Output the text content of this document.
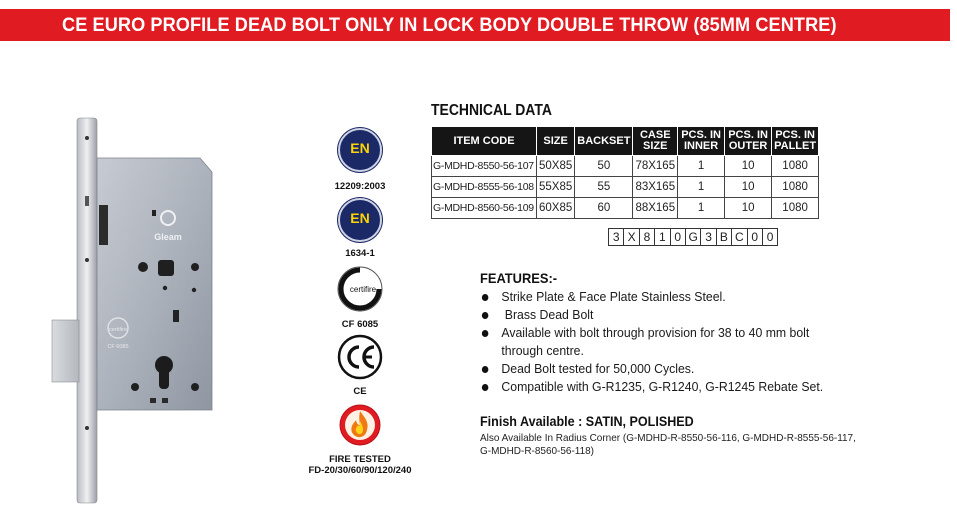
CE EURO PROFILE DEAD BOLT ONLY IN LOCK BODY DOUBLE THROW (85MM CENTRE)
Gleam
certifire
CF 6085
EN
12209:2003
EN
1634-1
certifire
CF 6085
CE
FIRE TESTED
FD-20/30/60/90/120/240
TECHNICAL DATA
ITEM CODE	SIZE	BACKSET	CASE SIZE	PCS. IN INNER	PCS. IN OUTER	PCS. IN PALLET
G-MDHD-8550-56-107	50X85	50	78X165	1	10	1080
G-MDHD-8555-56-108	55X85	55	83X165	1	10	1080
G-MDHD-8560-56-109	60X85	60	88X165	1	10	1080
3 X 8 1 0 G 3 B C 0 0
FEATURES:-
Strike Plate & Face Plate Stainless Steel.
Brass Dead Bolt
Available with bolt through provision for 38 to 40 mm bolt
through centre.
Dead Bolt tested for 50,000 Cycles.
Compatible with G-R1235, G-R1240, G-R1245 Rebate Set.
Finish Available : SATIN, POLISHED
Also Available In Radius Corner (G-MDHD-R-8550-56-116, G-MDHD-R-8555-56-117,
G-MDHD-R-8560-56-118)
